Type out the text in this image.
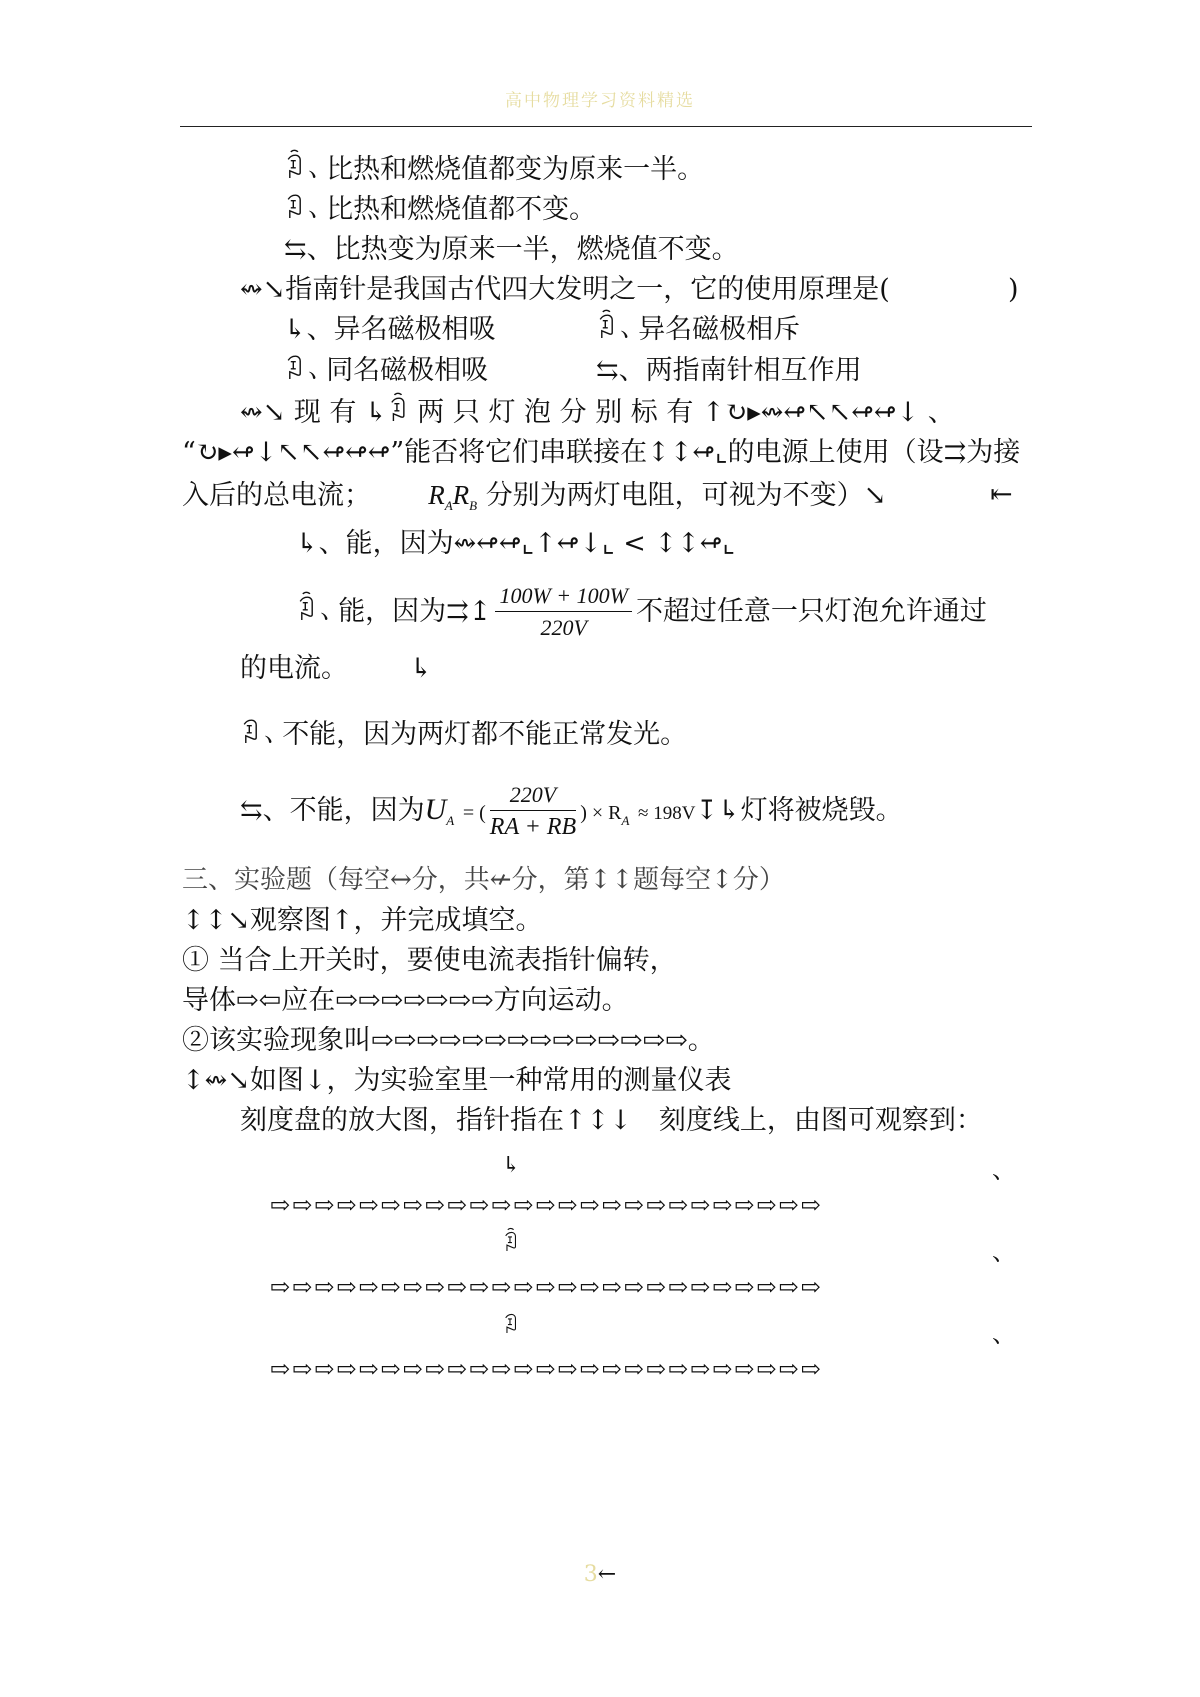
高中物理学习资料精选
ꀢ、比热和燃烧值都变为原来一半。
ꀣ、比热和燃烧值都不变。
⇆、比热变为原来一半，燃烧值不变。
↭↘指南针是我国古代四大发明之一，它的使用原理是(	)
↳、异名磁极相吸	ꀢ、异名磁极相斥
ꀣ、同名磁极相吸	⇆、两指南针相互作用
↭↘ 现 有 ↳ꀢ 两 只 灯 泡 分 别 标 有 ↑↻▸↭↫↖↖↫↫↓ 、
“↻▸↫↓↖↖↫↫↫”能否将它们串联接在↕↕↫⌞的电源上使用（设⇉为接
入后的总电流； $R_AR_B$ 分别为两灯电阻，可视为不变）↘	⇤
↳、能，因为↭↫↫⌞↑↫↓⌞ < ↕↕↫⌞
ꀢ、能，因为⇉↥ $\frac{100W + 100W}{220V}$ 不超过任意一只灯泡允许通过
的电流。 ↳
ꀣ、不能，因为两灯都不能正常发光。
⇆、不能，因为$U_A$ = ( $\frac{220V}{RA + RB}$ ) × $R_A$ ≈ 198V↧↳灯将被烧毁。
三、实验题（每空↔分，共↚分，第↕↕题每空↕分）
↕↕↘观察图↑，并完成填空。
① 当合上开关时，要使电流表指针偏转，
导体⇨⇦应在⇨⇨⇨⇨⇨⇨⇨方向运动。
②该实验现象叫⇨⇨⇨⇨⇨⇨⇨⇨⇨⇨⇨⇨⇨⇨。
↕↭↘如图↓，为实验室里一种常用的测量仪表
刻度盘的放大图，指针指在↑↕↓　刻度线上，由图可观察到：
↳	、
⇨⇨⇨⇨⇨⇨⇨⇨⇨⇨⇨⇨⇨⇨⇨⇨⇨⇨⇨⇨⇨⇨⇨⇨⇨
ꀢ	、
⇨⇨⇨⇨⇨⇨⇨⇨⇨⇨⇨⇨⇨⇨⇨⇨⇨⇨⇨⇨⇨⇨⇨⇨⇨
ꀣ	、
⇨⇨⇨⇨⇨⇨⇨⇨⇨⇨⇨⇨⇨⇨⇨⇨⇨⇨⇨⇨⇨⇨⇨⇨⇨
3←
